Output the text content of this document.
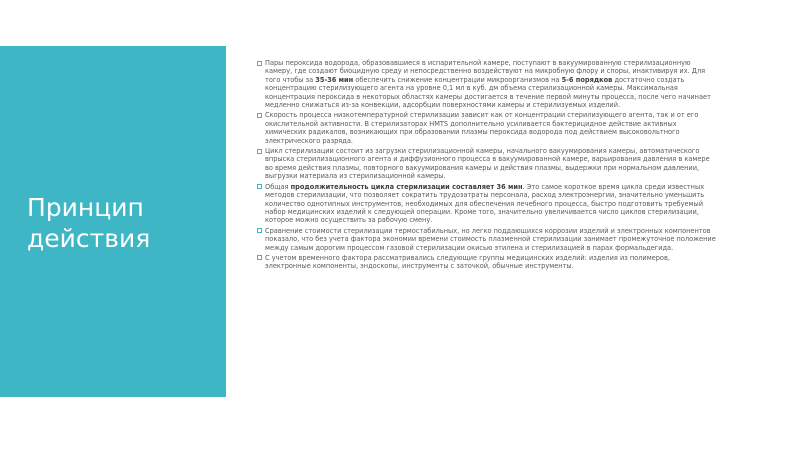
Принцип
действия

Пары пероксида водорода, образовавшиеся в испарительной камере, поступают в вакуумированную стерилизационную камеру, где создают биоцидную среду и непосредственно воздействуют на микробную флору и споры, инактивируя их. Для того чтобы за 35-36 мин обеспечить снижение концентрации микроорганизмов на 5-6 порядков достаточно создать концентрацию стерилизующего агента на уровне 0,1 мл в куб. дм объема стерилизационной камеры. Максимальная концентрация пероксида в некоторых областях камеры достигается в течение первой минуты процесса, после чего начинает медленно снижаться из-за конвекции, адсорбции поверхностями камеры и стерилизуемых изделий.

Скорость процесса низкотемпературной стерилизации зависит как от концентрации стерилизующего агента, так и от его окислительной активности. В стерилизаторах HMTS дополнительно усиливается бактерицидное действие активных химических радикалов, возникающих при образовании плазмы пероксида водорода под действием высоковольтного электрического разряда.

Цикл стерилизации состоит из загрузки стерилизационной камеры, начального вакуумирования камеры, автоматического впрыска стерилизационного агента и диффузионного процесса в вакуумированной камере, варьирования давления в камере во время действия плазмы, повторного вакуумирования камеры и действия плазмы, выдержки при нормальном давлении, выгрузки материала из стерилизационной камеры.

Общая продолжительность цикла стерилизации составляет 36 мин. Это самое короткое время цикла среди известных методов стерилизации, что позволяет сократить трудозатраты персонала, расход электроэнергии, значительно уменьшить количество однотипных инструментов, необходимых для обеспечения лечебного процесса, быстро подготовить требуемый набор медицинских изделий к следующей операции. Кроме того, значительно увеличивается число циклов стерилизации, которое можно осуществить за рабочую смену.

Сравнение стоимости стерилизации термостабильных, но легко поддающихся коррозии изделий и электронных компонентов показало, что без учета фактора экономии времени стоимость плазменной стерилизации занимает промежуточное положение между самым дорогим процессом газовой стерилизации окисью этилена и стерилизацией в парах формальдегида.

С учетом временного фактора рассматривались следующие группы медицинских изделий: изделия из полимеров, электронные компоненты, эндоскопы, инструменты с заточкой, обычные инструменты.
